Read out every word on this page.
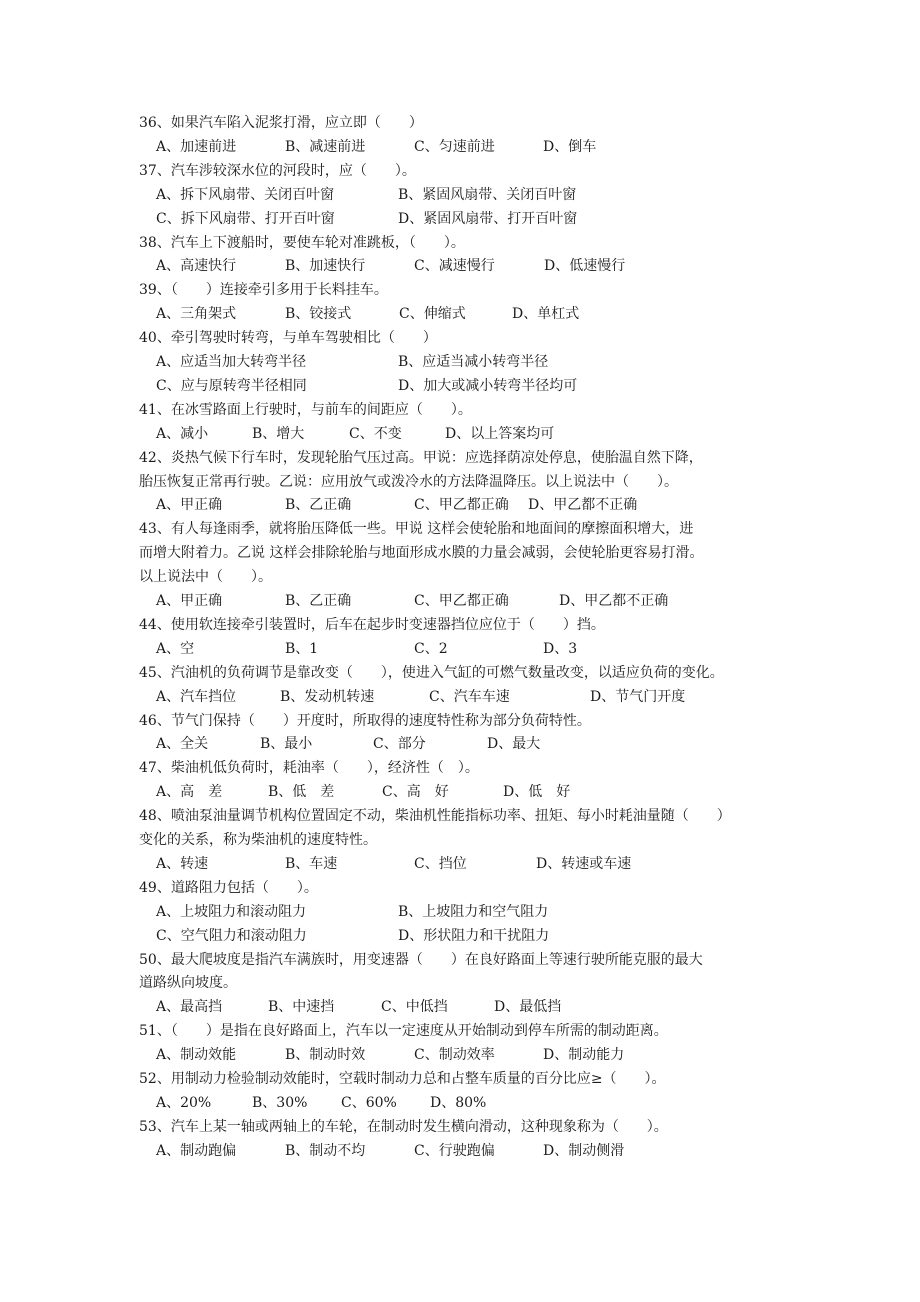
36、如果汽车陷入泥浆打滑，应立即（　　）
A、加速前进	B、减速前进	C、匀速前进	D、倒车
37、汽车涉较深水位的河段时，应（　　）。
A、拆下风扇带、关闭百叶窗	B、紧固风扇带、关闭百叶窗
C、拆下风扇带、打开百叶窗	D、紧固风扇带、打开百叶窗
38、汽车上下渡船时，要使车轮对准跳板，（　　）。
A、高速快行	B、加速快行	C、减速慢行	D、低速慢行
39、（　　）连接牵引多用于长料挂车。
A、三角架式	B、铰接式	C、伸缩式	D、单杠式
40、牵引驾驶时转弯，与单车驾驶相比（　　）
A、应适当加大转弯半径	B、应适当减小转弯半径
C、应与原转弯半径相同	D、加大或减小转弯半径均可
41、在冰雪路面上行驶时，与前车的间距应（　　）。
A、减小	B、增大	C、不变	D、以上答案均可
42、炎热气候下行车时，发现轮胎气压过高。甲说：应选择荫凉处停息，使胎温自然下降，
胎压恢复正常再行驶。乙说：应用放气或泼冷水的方法降温降压。以上说法中（　　）。
A、甲正确	B、乙正确	C、甲乙都正确 D、甲乙都不正确
43、有人每逢雨季，就将胎压降低一些。甲说 这样会使轮胎和地面间的摩擦面积增大，进
而增大附着力。乙说 这样会排除轮胎与地面形成水膜的力量会减弱，会使轮胎更容易打滑。
以上说法中（　　）。
A、甲正确	B、乙正确	C、甲乙都正确	D、甲乙都不正确
44、使用软连接牵引装置时，后车在起步时变速器挡位应位于（　　）挡。
A、空	B、1	C、2	D、3
45、汽油机的负荷调节是靠改变（　　），使进入气缸的可燃气数量改变，以适应负荷的变化。
A、汽车挡位	B、发动机转速	C、汽车车速	D、节气门开度
46、节气门保持（　　）开度时，所取得的速度特性称为部分负荷特性。
A、全关	B、最小	C、部分	D、最大
47、柴油机低负荷时，耗油率（　　），经济性（　）。
A、高　差	B、低　差	C、高　好	D、低　好
48、喷油泵油量调节机构位置固定不动，柴油机性能指标功率、扭矩、每小时耗油量随（　　）
变化的关系，称为柴油机的速度特性。
A、转速	B、车速	C、挡位	D、转速或车速
49、道路阻力包括（　　）。
A、上坡阻力和滚动阻力	B、上坡阻力和空气阻力
C、空气阻力和滚动阻力	D、形状阻力和干扰阻力
50、最大爬坡度是指汽车满族时，用变速器（　　）在良好路面上等速行驶所能克服的最大
道路纵向坡度。
A、最高挡	B、中速挡	C、中低挡	D、最低挡
51、（　　）是指在良好路面上，汽车以一定速度从开始制动到停车所需的制动距离。
A、制动效能	B、制动时效	C、制动效率	D、制动能力
52、用制动力检验制动效能时，空载时制动力总和占整车质量的百分比应≥（　　）。
A、20%	B、30% C、60% D、80%
53、汽车上某一轴或两轴上的车轮，在制动时发生横向滑动，这种现象称为（　　）。
A、制动跑偏	B、制动不均	C、行驶跑偏	D、制动侧滑
